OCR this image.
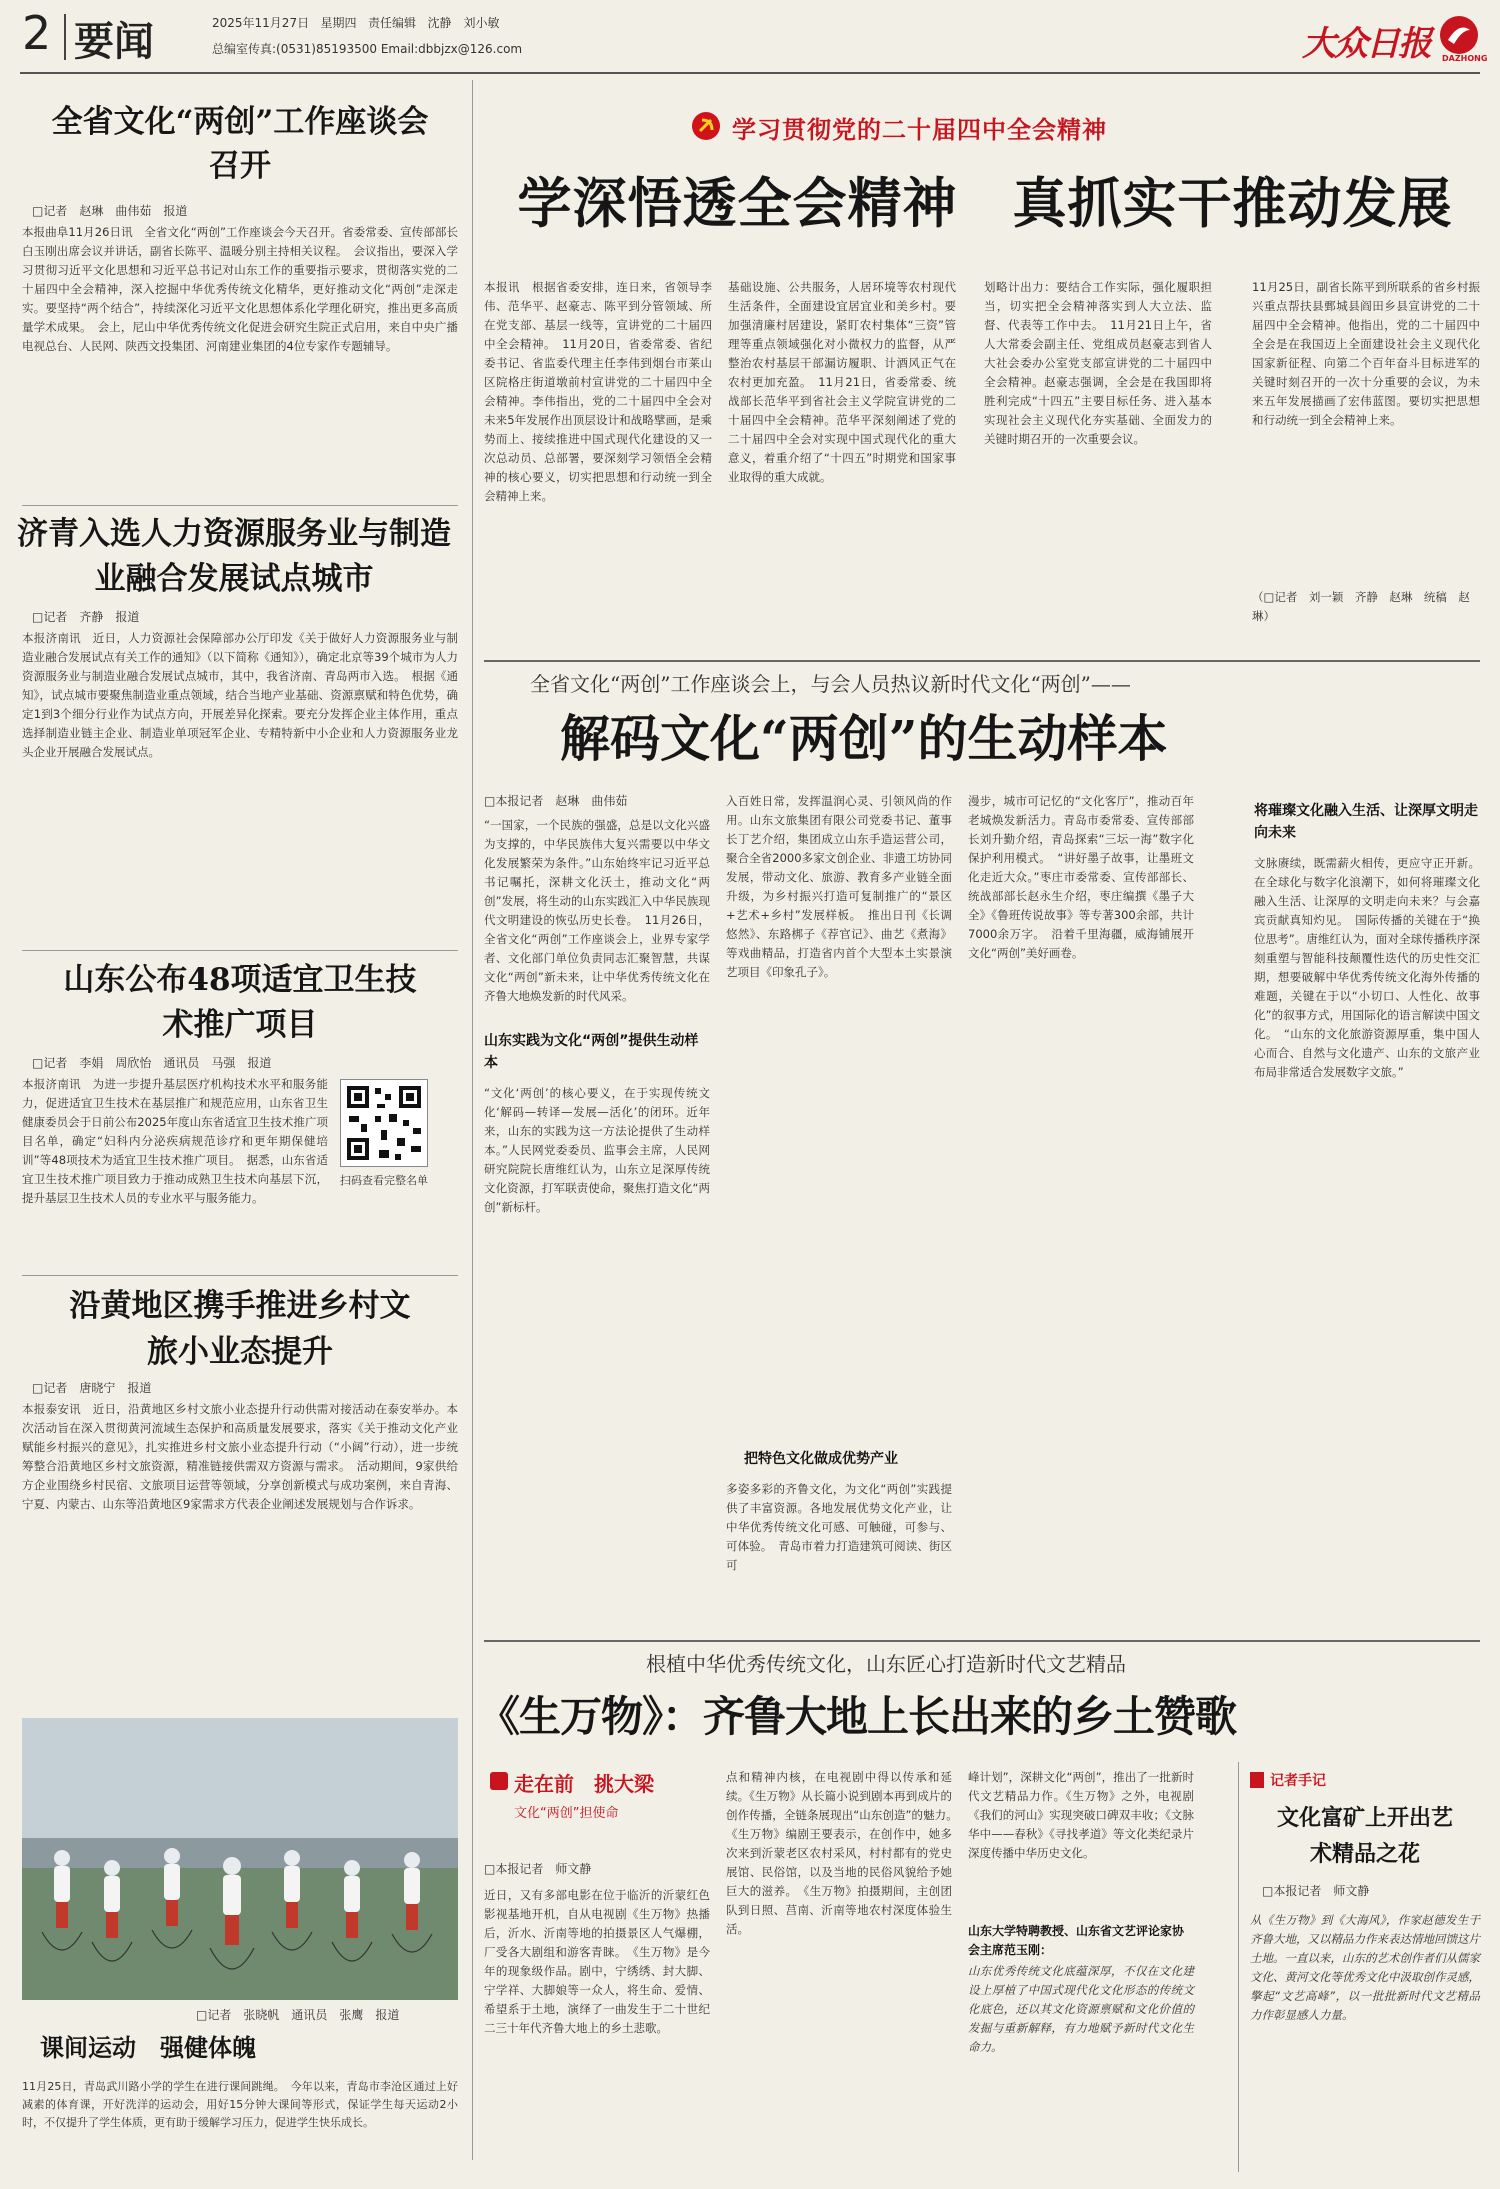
2 要闻	2025年11月27日 星期四 责任编辑 沈静　刘小敏
总编室传真:(0531)85193500 Email:dbbjzx@126.com	大众日报 DAZHONG
全省文化“两创”工作座谈会召开
□记者　赵琳　曲伟茹　报道

本报曲阜11月26日讯　全省文化“两创”工作座谈会今天召开。省委常委、宣传部部长白玉刚出席会议并讲话，副省长陈平、温暖分别主持相关议程。　会议指出，要深入学习贯彻习近平文化思想和习近平总书记对山东工作的重要指示要求，贯彻落实党的二十届四中全会精神，深入挖掘中华优秀传统文化精华，更好推动文化“两创”走深走实。要坚持“两个结合”，持续深化习近平文化思想体系化学理化研究，推出更多高质量学术成果。　会上，尼山中华优秀传统文化促进会研究生院正式启用，来自中央广播电视总台、人民网、陕西文投集团、河南建业集团的4位专家作专题辅导。

济青入选人力资源服务业与制造业融合发展试点城市
□记者　齐静　报道

本报济南讯　近日，人力资源社会保障部办公厅印发《关于做好人力资源服务业与制造业融合发展试点有关工作的通知》（以下简称《通知》），确定北京等39个城市为人力资源服务业与制造业融合发展试点城市，其中，我省济南、青岛两市入选。　根据《通知》，试点城市要聚焦制造业重点领域，结合当地产业基础、资源禀赋和特色优势，确定1到3个细分行业作为试点方向，开展差异化探索。要充分发挥企业主体作用，重点选择制造业链主企业、制造业单项冠军企业、专精特新中小企业和人力资源服务业龙头企业开展融合发展试点。

山东公布48项适宜卫生技术推广项目
□记者　李娟　周欣怡　通讯员　马强　报道

本报济南讯　为进一步提升基层医疗机构技术水平和服务能力，促进适宜卫生技术在基层推广和规范应用，山东省卫生健康委员会于日前公布2025年度山东省适宜卫生技术推广项目名单，确定“妇科内分泌疾病规范诊疗和更年期保健培训”等48项技术为适宜卫生技术推广项目。　据悉，山东省适宜卫生技术推广项目致力于推动成熟卫生技术向基层下沉，提升基层卫生技术人员的专业水平与服务能力。

扫码查看完整名单
沿黄地区携手推进乡村文旅小业态提升
□记者　唐晓宁　报道

本报泰安讯　近日，沿黄地区乡村文旅小业态提升行动供需对接活动在泰安举办。本次活动旨在深入贯彻黄河流域生态保护和高质量发展要求，落实《关于推动文化产业赋能乡村振兴的意见》，扎实推进乡村文旅小业态提升行动（“小阔”行动），进一步统筹整合沿黄地区乡村文旅资源，精准链接供需双方资源与需求。　活动期间，9家供给方企业围绕乡村民宿、文旅项目运营等领域，分享创新模式与成功案例，来自青海、宁夏、内蒙古、山东等沿黄地区9家需求方代表企业阐述发展规划与合作诉求。

□记者　张晓帆　通讯员　张鹰　报道
课间运动　强健体魄

11月25日，青岛武川路小学的学生在进行课间跳绳。　今年以来，青岛市李沧区通过上好减素的体育课，开好洗洋的运动会，用好15分钟大课间等形式，保证学生每天运动2小时，不仅提升了学生体质，更有助于缓解学习压力，促进学生快乐成长。

学习贯彻党的二十届四中全会精神
学深悟透全会精神　真抓实干推动发展

本报讯　根据省委安排，连日来，省领导李伟、范华平、赵豪志、陈平到分管领域、所在党支部、基层一线等，宣讲党的二十届四中全会精神。　11月20日，省委常委、省纪委书记、省监委代理主任李伟到烟台市莱山区院格庄街道墩前村宣讲党的二十届四中全会精神。李伟指出，党的二十届四中全会对未来5年发展作出顶层设计和战略擘画，是乘势而上、接续推进中国式现代化建设的又一次总动员、总部署，要深刻学习领悟全会精神的核心要义，切实把思想和行动统一到全会精神上来。

基础设施、公共服务，人居环境等农村现代生活条件，全面建设宜居宜业和美乡村。要加强清廉村居建设，紧盯农村集体“三资”管理等重点领域强化对小微权力的监督，从严整治农村基层干部漏访履职、计酒风正气在农村更加充盈。　11月21日，省委常委、统战部长范华平到省社会主义学院宣讲党的二十届四中全会精神。范华平深刻阐述了党的二十届四中全会对实现中国式现代化的重大意义，着重介绍了“十四五”时期党和国家事业取得的重大成就。

划略计出力：要结合工作实际，强化履职担当，切实把全会精神落实到人大立法、监督、代表等工作中去。　11月21日上午，省人大常委会副主任、党组成员赵豪志到省人大社会委办公室党支部宣讲党的二十届四中全会精神。赵豪志强调，全会是在我国即将胜利完成“十四五”主要目标任务、进入基本实现社会主义现代化夯实基础、全面发力的关键时期召开的一次重要会议。

11月25日，副省长陈平到所联系的省乡村振兴重点帮扶县鄄城县阎田乡县宣讲党的二十届四中全会精神。他指出，党的二十届四中全会是在我国迈上全面建设社会主义现代化国家新征程、向第二个百年奋斗目标进军的关键时刻召开的一次十分重要的会议，为未来五年发展描画了宏伟蓝图。要切实把思想和行动统一到全会精神上来。

（□记者　刘一颖　齐静　赵琳　统稿　赵琳）
全省文化“两创”工作座谈会上，与会人员热议新时代文化“两创”——
解码文化“两创”的生动样本
□本报记者　赵琳　曲伟茹

“一国家，一个民族的强盛，总是以文化兴盛为支撑的，中华民族伟大复兴需要以中华文化发展繁荣为条件。”山东始终牢记习近平总书记嘱托，深耕文化沃土，推动文化“两创”发展，将生动的山东实践汇入中华民族现代文明建设的恢弘历史长卷。　11月26日，全省文化“两创”工作座谈会上，业界专家学者、文化部门单位负责同志汇聚智慧，共谋文化“两创”新未来，让中华优秀传统文化在齐鲁大地焕发新的时代风采。

山东实践为文化“两创”提供生动样本

“文化‘两创’的核心要义，在于实现传统文化‘解码—转译—发展—活化’的闭环。近年来，山东的实践为这一方法论提供了生动样本。”人民网党委委员、监事会主席，人民网研究院院长唐维红认为，山东立足深厚传统文化资源，打军联责使命，聚焦打造文化“两创”新标杆。

入百姓日常，发挥温润心灵、引领风尚的作用。山东文旅集团有限公司党委书记、董事长丁艺介绍，集团成立山东手造运营公司，聚合全省2000多家文创企业、非遗工坊协同发展，带动文化、旅游、教育多产业链全面升级，为乡村振兴打造可复制推广的“景区+艺术+乡村”发展样板。　推出日刊《长调悠然》、东路梆子《荐官记》、曲艺《煮海》等戏曲精品，打造省内首个大型本土实景演艺项目《印象孔子》。

把特色文化做成优势产业

多姿多彩的齐鲁文化，为文化“两创”实践提供了丰富资源。各地发展优势文化产业，让中华优秀传统文化可感、可触碰，可参与、可体验。　青岛市着力打造建筑可阅读、街区可

漫步，城市可记忆的“文化客厅”，推动百年老城焕发新活力。青岛市委常委、宣传部部长刘升勤介绍，青岛探索“三坛一海”数字化保护利用模式。　“讲好墨子故事，让墨班文化走近大众。”枣庄市委常委、宣传部部长、统战部部长赵永生介绍，枣庄编撰《墨子大全》《鲁班传说故事》等专著300余部，共计7000余万字。　沿着千里海疆，威海铺展开文化“两创”美好画卷。

将璀璨文化融入生活、让深厚文明走向未来

文脉赓续，既需薪火相传，更应守正开新。在全球化与数字化浪潮下，如何将璀璨文化融入生活、让深厚的文明走向未来？与会嘉宾贡献真知灼见。　国际传播的关键在于“换位思考”。唐维红认为，面对全球传播秩序深刻重塑与智能科技颠覆性迭代的历史性交汇期，想要破解中华优秀传统文化海外传播的难题，关键在于以“小切口、人性化、故事化”的叙事方式，用国际化的语言解读中国文化。　“山东的文化旅游资源厚重，集中国人心而合、自然与文化遗产、山东的文旅产业布局非常适合发展数字文旅。”

根植中华优秀传统文化，山东匠心打造新时代文艺精品
《生万物》：齐鲁大地上长出来的乡土赞歌
走在前　挑大梁
文化“两创”担使命
□本报记者　师文静

近日，又有多部电影在位于临沂的沂蒙红色影视基地开机，自从电视剧《生万物》热播后，沂水、沂南等地的拍摄景区人气爆棚，厂受各大剧组和游客青睐。　《生万物》是今年的现象级作品。剧中，宁绣绣、封大脚、宁学祥、大脚娘等一众人，将生命、爱情、希望系于土地，演绎了一曲发生于二十世纪二三十年代齐鲁大地上的乡土悲歌。

点和精神内核，在电视剧中得以传承和延续。《生万物》从长篇小说到剧本再到成片的创作传播，全链条展现出“山东创造”的魅力。　《生万物》编剧王要表示，在创作中，她多次来到沂蒙老区农村采风，村村都有的党史展馆、民俗馆，以及当地的民俗风貌给予她巨大的滋养。　《生万物》拍摄期间，主创团队到日照、莒南、沂南等地农村深度体验生活。

峰计划”，深耕文化“两创”，推出了一批新时代文艺精品力作。《生万物》之外，电视剧《我们的河山》实现突破口碑双丰收；《文脉华中——春秋》《寻找孝道》等文化类纪录片深度传播中华历史文化。

山东大学特聘教授、山东省文艺评论家协会主席范玉刚：

山东优秀传统文化底蕴深厚，不仅在文化建设上厚植了中国式现代化文化形态的传统文化底色，还以其文化资源禀赋和文化价值的发掘与重新解释，有力地赋予新时代文化生命力。

记者手记
文化富矿上开出艺术精品之花
□本报记者　师文静

从《生万物》到《大海风》，作家赵德发生于齐鲁大地，又以精品力作来表达情地回馈这片土地。一直以来，山东的艺术创作者们从儒家文化、黄河文化等优秀文化中汲取创作灵感，擎起“文艺高峰”，以一批批新时代文艺精品力作彰显感人力量。
